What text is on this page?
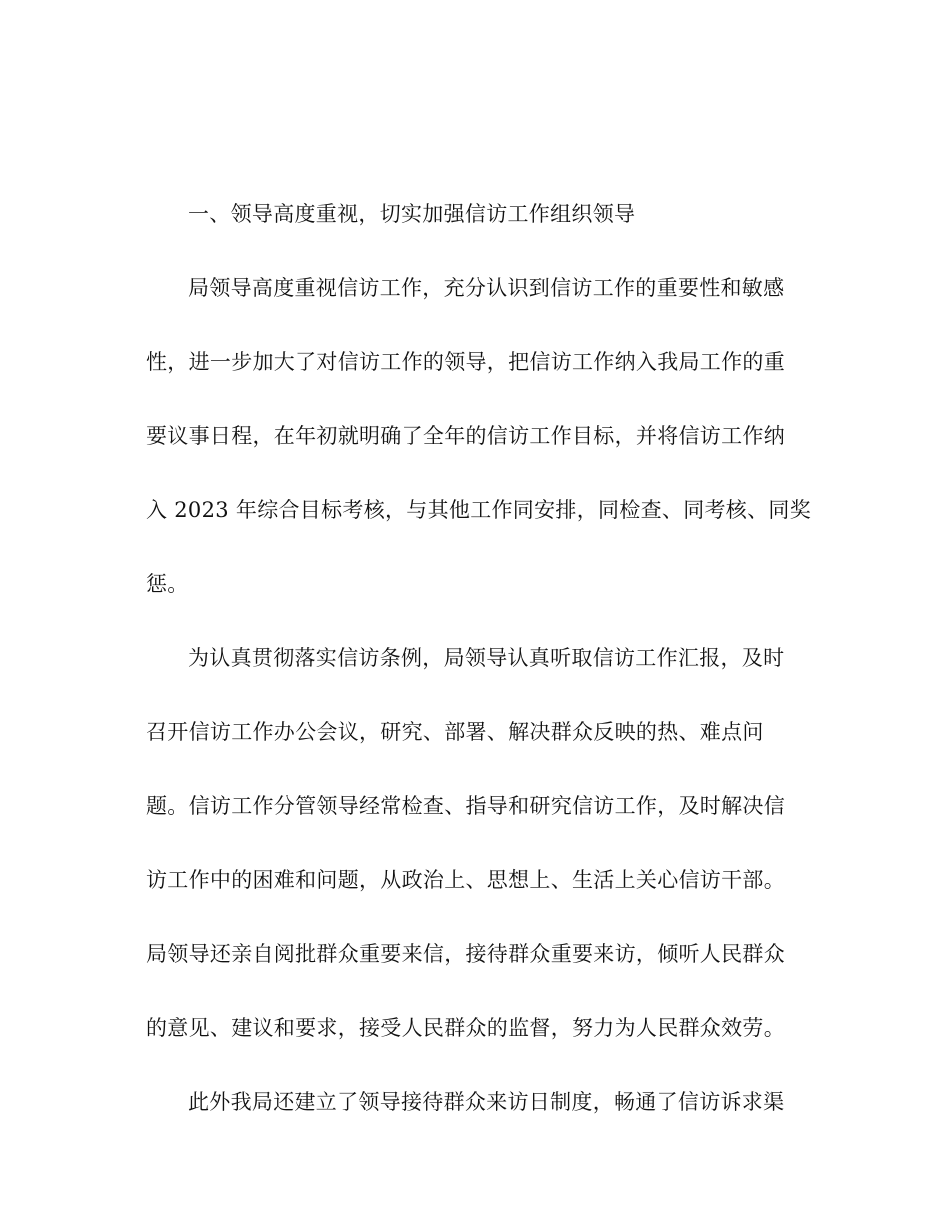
一、领导高度重视，切实加强信访工作组织领导

局领导高度重视信访工作，充分认识到信访工作的重要性和敏感

性，进一步加大了对信访工作的领导，把信访工作纳入我局工作的重

要议事日程，在年初就明确了全年的信访工作目标，并将信访工作纳

入 2023 年综合目标考核，与其他工作同安排，同检查、同考核、同奖

惩。

为认真贯彻落实信访条例，局领导认真听取信访工作汇报，及时

召开信访工作办公会议，研究、部署、解决群众反映的热、难点问

题。信访工作分管领导经常检查、指导和研究信访工作，及时解决信

访工作中的困难和问题，从政治上、思想上、生活上关心信访干部。

局领导还亲自阅批群众重要来信，接待群众重要来访，倾听人民群众

的意见、建议和要求，接受人民群众的监督，努力为人民群众效劳。

此外我局还建立了领导接待群众来访日制度，畅通了信访诉求渠
